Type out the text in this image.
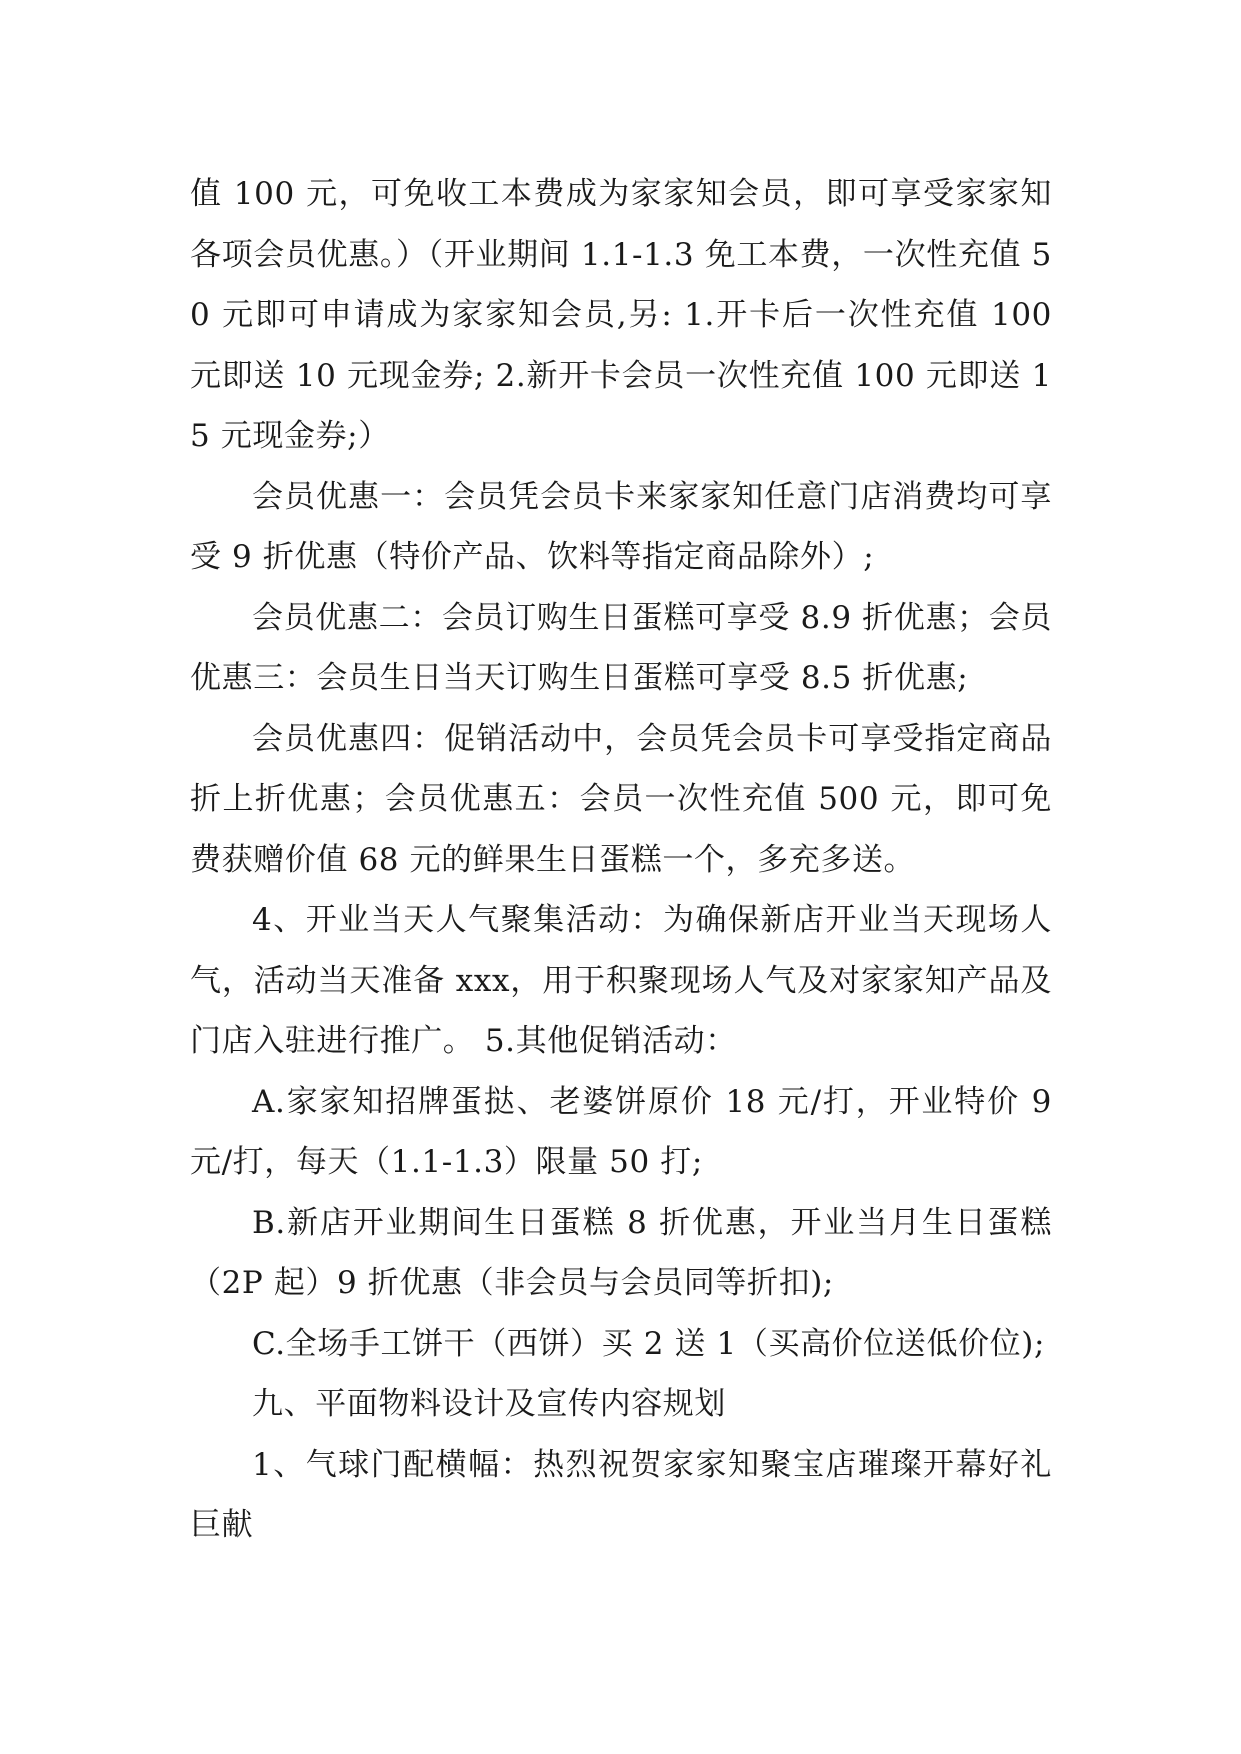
值 100 元，可免收工本费成为家家知会员，即可享受家家知各项会员优惠。）（开业期间 1.1-1.3 免工本费，一次性充值 50 元即可申请成为家家知会员,另: 1.开卡后一次性充值 100 元即送 10 元现金券; 2.新开卡会员一次性充值 100 元即送 15 元现金券;）

会员优惠一：会员凭会员卡来家家知任意门店消费均可享受 9 折优惠（特价产品、饮料等指定商品除外）;

会员优惠二：会员订购生日蛋糕可享受 8.9 折优惠；会员优惠三：会员生日当天订购生日蛋糕可享受 8.5 折优惠;

会员优惠四：促销活动中，会员凭会员卡可享受指定商品折上折优惠；会员优惠五：会员一次性充值 500 元，即可免费获赠价值 68 元的鲜果生日蛋糕一个，多充多送。

4、开业当天人气聚集活动：为确保新店开业当天现场人气，活动当天准备 xxx，用于积聚现场人气及对家家知产品及门店入驻进行推广。 5.其他促销活动：

A.家家知招牌蛋挞、老婆饼原价 18 元/打，开业特价 9 元/打，每天（1.1-1.3）限量 50 打;

B.新店开业期间生日蛋糕 8 折优惠，开业当月生日蛋糕（2P 起）9 折优惠（非会员与会员同等折扣);

C.全场手工饼干（西饼）买 2 送 1（买高价位送低价位);

九、平面物料设计及宣传内容规划

1、气球门配横幅：热烈祝贺家家知聚宝店璀璨开幕好礼巨献
